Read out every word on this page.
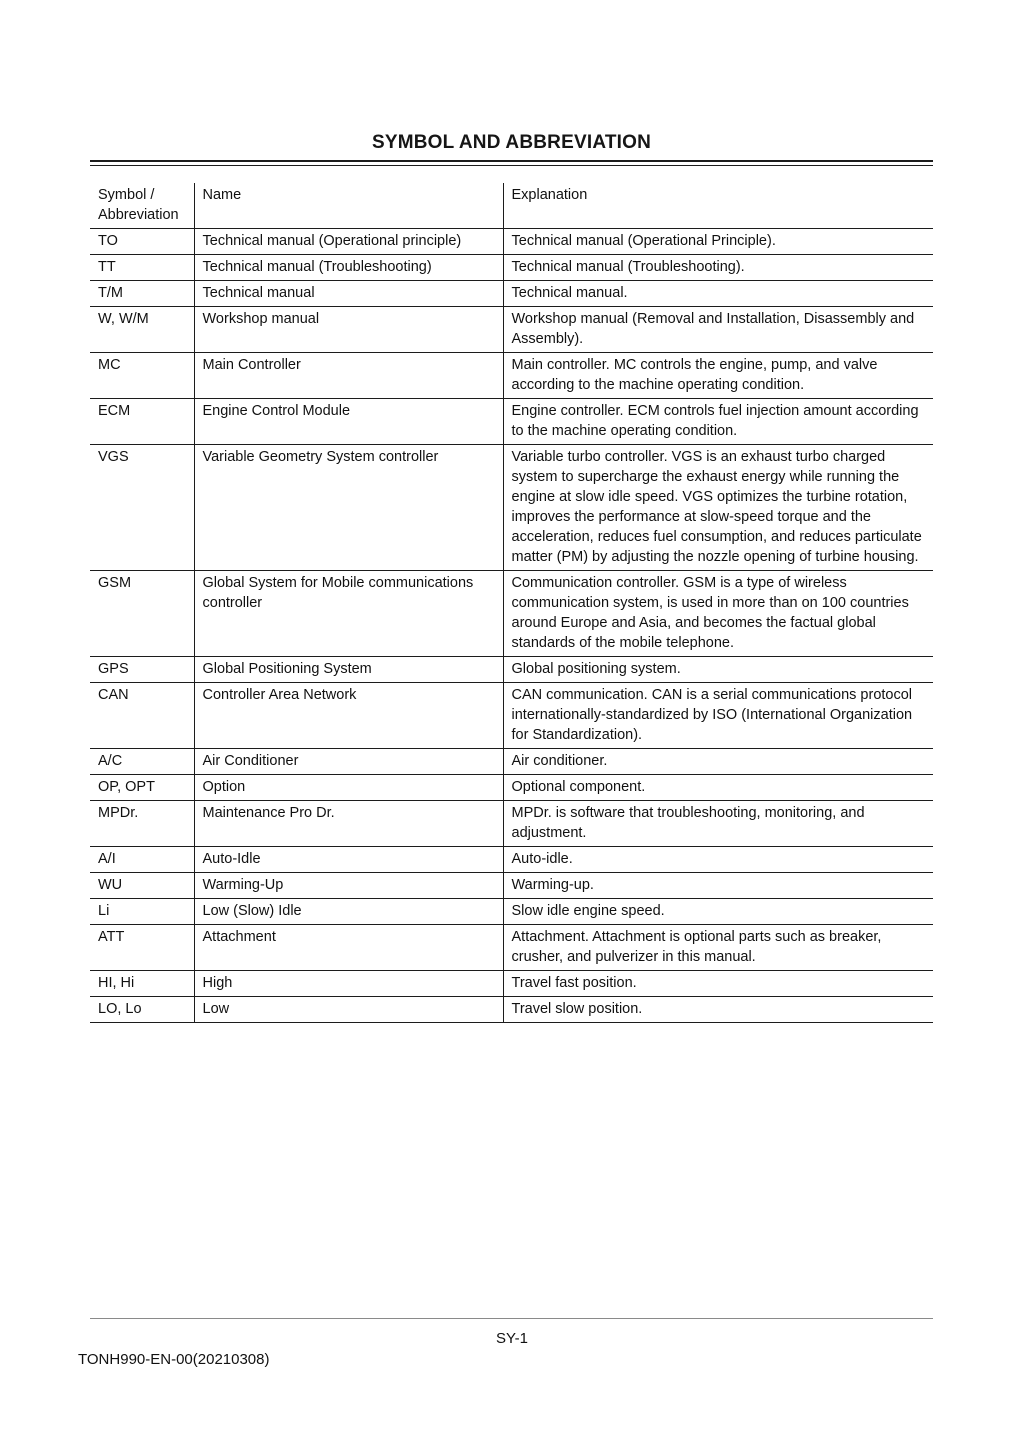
SYMBOL AND ABBREVIATION
Symbol / Abbreviation	Name	Explanation
TO	Technical manual (Operational principle)	Technical manual (Operational Principle).
TT	Technical manual (Troubleshooting)	Technical manual (Troubleshooting).
T/M	Technical manual	Technical manual.
W, W/M	Workshop manual	Workshop manual (Removal and Installation, Disassembly and Assembly).
MC	Main Controller	Main controller. MC controls the engine, pump, and valve according to the machine operating condition.
ECM	Engine Control Module	Engine controller. ECM controls fuel injection amount according to the machine operating condition.
VGS	Variable Geometry System controller	Variable turbo controller. VGS is an exhaust turbo charged system to supercharge the exhaust energy while running the engine at slow idle speed. VGS optimizes the turbine rotation, improves the performance at slow-speed torque and the acceleration, reduces fuel consumption, and reduces particulate matter (PM) by adjusting the nozzle opening of turbine housing.
GSM	Global System for Mobile communications controller	Communication controller. GSM is a type of wireless communication system, is used in more than on 100 countries around Europe and Asia, and becomes the factual global standards of the mobile telephone.
GPS	Global Positioning System	Global positioning system.
CAN	Controller Area Network	CAN communication. CAN is a serial communications protocol internationally-standardized by ISO (International Organization for Standardization).
A/C	Air Conditioner	Air conditioner.
OP, OPT	Option	Optional component.
MPDr.	Maintenance Pro Dr.	MPDr. is software that troubleshooting, monitoring, and adjustment.
A/I	Auto-Idle	Auto-idle.
WU	Warming-Up	Warming-up.
Li	Low (Slow) Idle	Slow idle engine speed.
ATT	Attachment	Attachment. Attachment is optional parts such as breaker, crusher, and pulverizer in this manual.
HI, Hi	High	Travel fast position.
LO, Lo	Low	Travel slow position.
SY-1
TONH990-EN-00(20210308)
